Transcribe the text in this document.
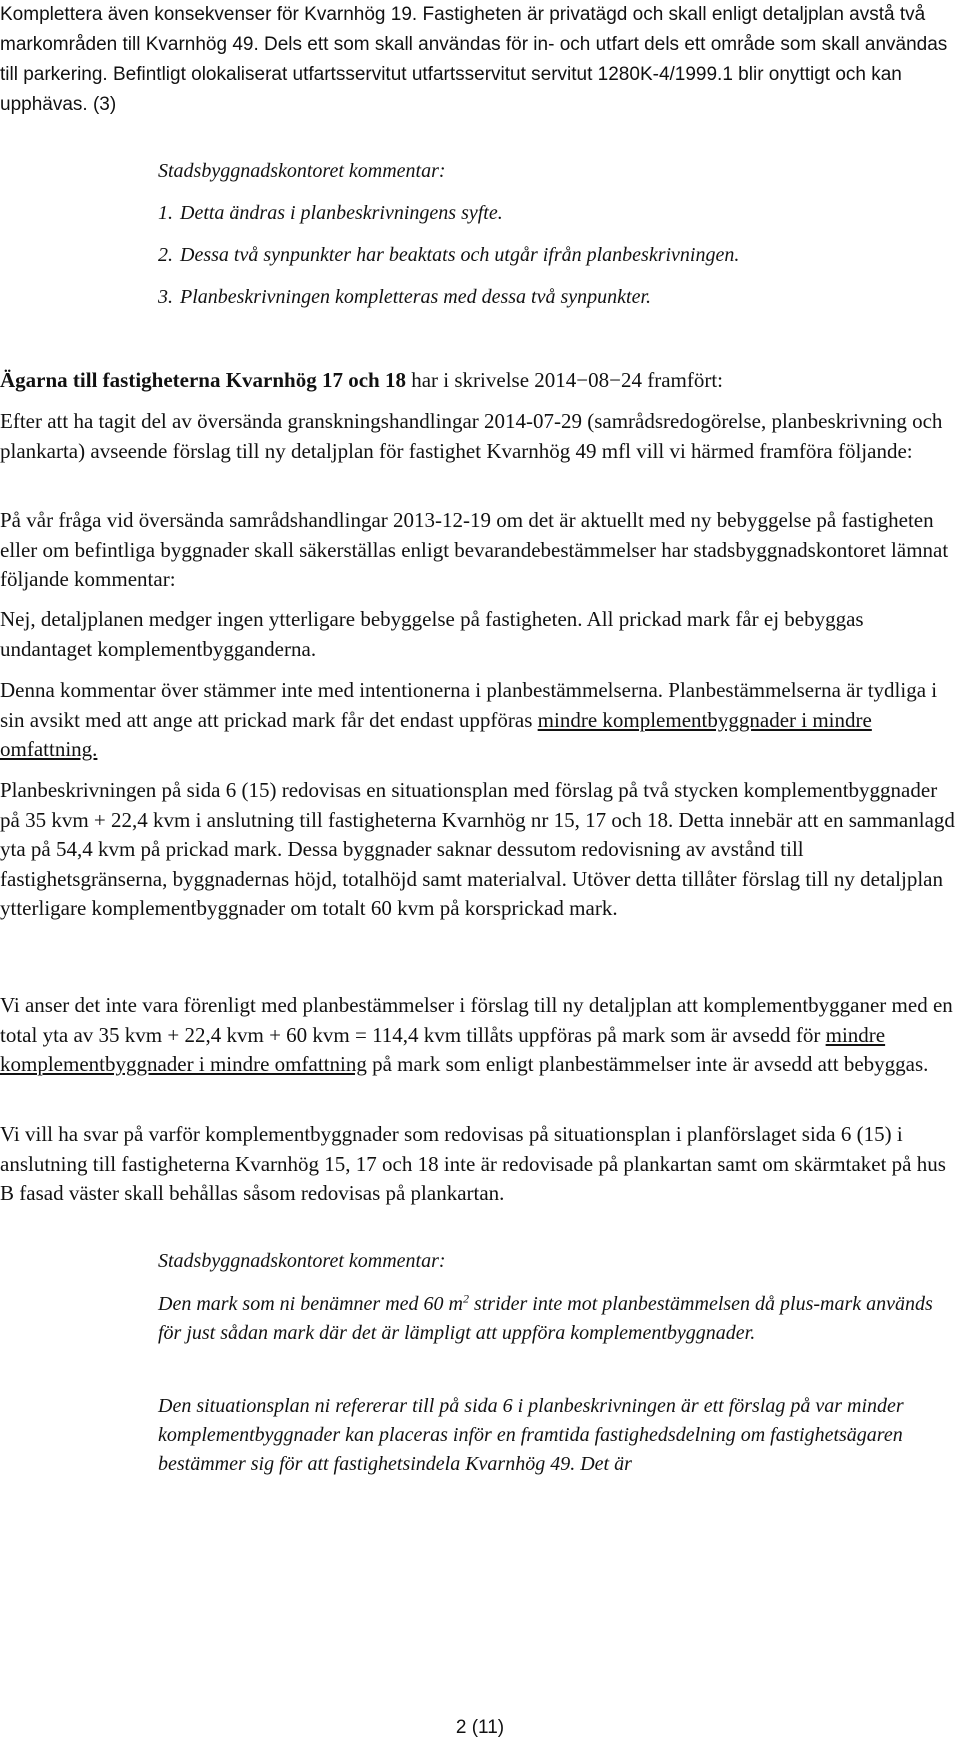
Komplettera även konsekvenser för Kvarnhög 19. Fastigheten är privatägd och skall enligt detaljplan avstå två markområden till Kvarnhög 49. Dels ett som skall användas för in- och utfart dels ett område som skall användas till parkering. Befintligt olokaliserat utfartsservitut utfartsservitut servitut 1280K-4/1999.1 blir onyttigt och kan upphävas. (3)

Stadsbyggnadskontoret kommentar:

1. Detta ändras i planbeskrivningens syfte.

2. Dessa två synpunkter har beaktats och utgår ifrån planbeskrivningen.

3. Planbeskrivningen kompletteras med dessa två synpunkter.

Ägarna till fastigheterna Kvarnhög 17 och 18 har i skrivelse 2014−08−24 framfört:

Efter att ha tagit del av översända granskningshandlingar 2014-07-29 (samrådsredogörelse, planbeskrivning och plankarta) avseende förslag till ny detaljplan för fastighet Kvarnhög 49 mfl vill vi härmed framföra följande:

På vår fråga vid översända samrådshandlingar 2013-12-19 om det är aktuellt med ny bebyggelse på fastigheten eller om befintliga byggnader skall säkerställas enligt bevarandebestämmelser har stadsbyggnadskontoret lämnat följande kommentar:

Nej, detaljplanen medger ingen ytterligare bebyggelse på fastigheten. All prickad mark får ej bebyggas undantaget komplementbygganderna.

Denna kommentar över stämmer inte med intentionerna i planbestämmelserna. Planbestämmelserna är tydliga i sin avsikt med att ange att prickad mark får det endast uppföras mindre komplementbyggnader i mindre omfattning.

Planbeskrivningen på sida 6 (15) redovisas en situationsplan med förslag på två stycken komplementbyggnader på 35 kvm + 22,4 kvm i anslutning till fastigheterna Kvarnhög nr 15, 17 och 18. Detta innebär att en sammanlagd yta på 54,4 kvm på prickad mark. Dessa byggnader saknar dessutom redovisning av avstånd till fastighetsgränserna, byggnadernas höjd, totalhöjd samt materialval. Utöver detta tillåter förslag till ny detaljplan ytterligare komplementbyggnader om totalt 60 kvm på korsprickad mark.

Vi anser det inte vara förenligt med planbestämmelser i förslag till ny detaljplan att komplementbygganer med en total yta av 35 kvm + 22,4 kvm + 60 kvm = 114,4 kvm tillåts uppföras på mark som är avsedd för mindre komplementbyggnader i mindre omfattning på mark som enligt planbestämmelser inte är avsedd att bebyggas.

Vi vill ha svar på varför komplementbyggnader som redovisas på situationsplan i planförslaget sida 6 (15) i anslutning till fastigheterna Kvarnhög 15, 17 och 18 inte är redovisade på plankartan samt om skärmtaket på hus B fasad väster skall behållas såsom redovisas på plankartan.

Stadsbyggnadskontoret kommentar:

Den mark som ni benämner med 60 $m^2$ strider inte mot planbestämmelsen då plus-mark används för just sådan mark där det är lämpligt att uppföra komplementbyggnader.

Den situationsplan ni refererar till på sida 6 i planbeskrivningen är ett förslag på var minder komplementbyggnader kan placeras inför en framtida fastighedsdelning om fastighetsägaren bestämmer sig för att fastighetsindela Kvarnhög 49. Det är

2 (11)
